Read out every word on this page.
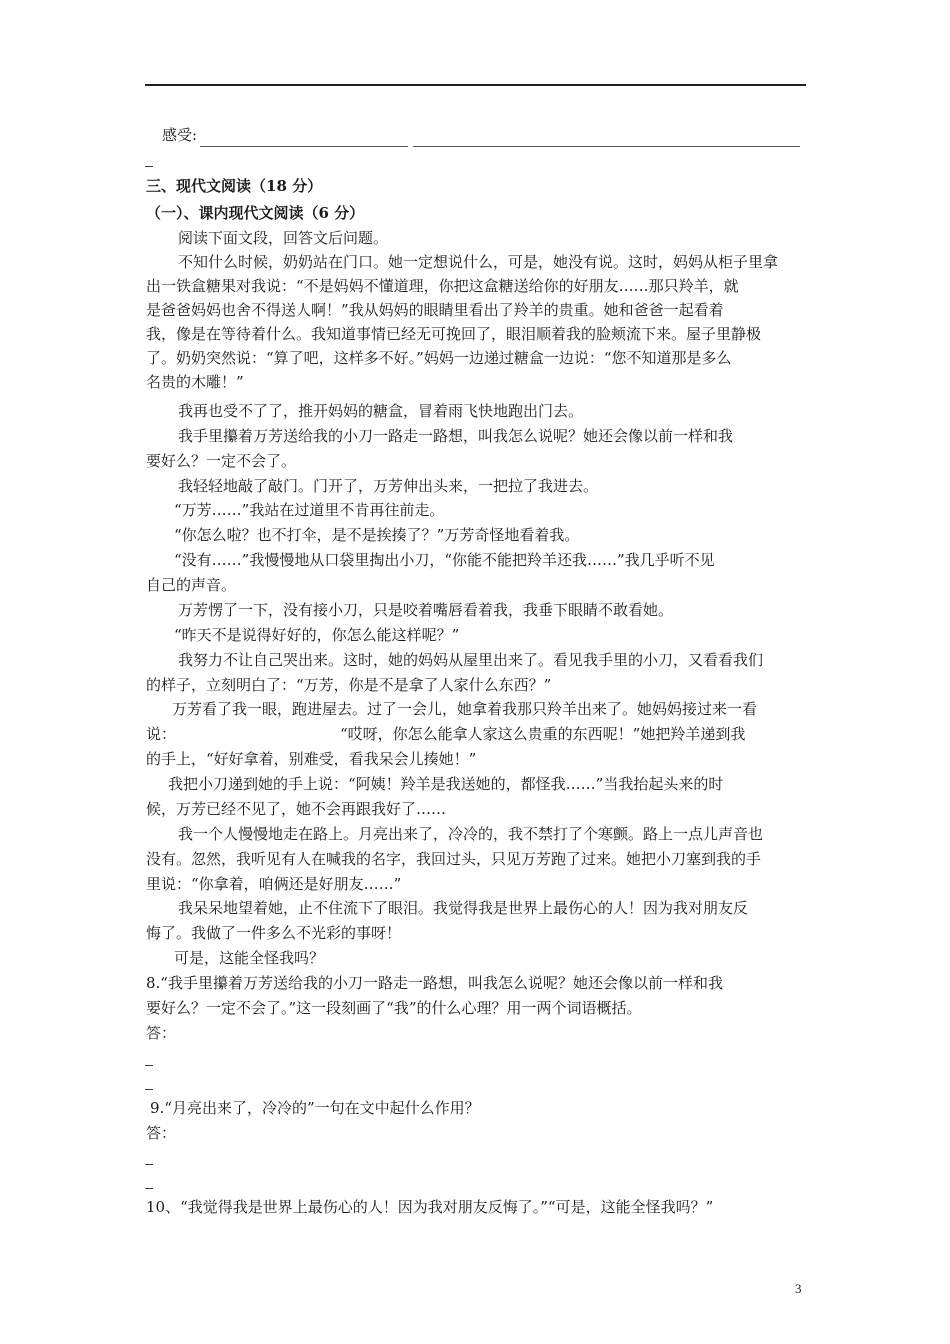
感受:
三、现代文阅读（18 分）
（一）、课内现代文阅读（6 分）
阅读下面文段，回答文后问题。
不知什么时候，奶奶站在门口。她一定想说什么，可是，她没有说。这时，妈妈从柜子里拿
出一铁盒糖果对我说：“不是妈妈不懂道理，你把这盒糖送给你的好朋友……那只羚羊，就
是爸爸妈妈也舍不得送人啊！”我从妈妈的眼睛里看出了羚羊的贵重。她和爸爸一起看着
我，像是在等待着什么。我知道事情已经无可挽回了，眼泪顺着我的脸颊流下来。屋子里静极
了。奶奶突然说：“算了吧，这样多不好。”妈妈一边递过糖盒一边说：“您不知道那是多么
名贵的木雕！”
我再也受不了了，推开妈妈的糖盒，冒着雨飞快地跑出门去。
我手里攥着万芳送给我的小刀一路走一路想，叫我怎么说呢？她还会像以前一样和我
要好么？一定不会了。
我轻轻地敲了敲门。门开了，万芳伸出头来，一把拉了我进去。
“万芳……”我站在过道里不肯再往前走。
“你怎么啦？也不打伞，是不是挨揍了？”万芳奇怪地看着我。
“没有……”我慢慢地从口袋里掏出小刀，“你能不能把羚羊还我……”我几乎听不见
自己的声音。
万芳愣了一下，没有接小刀，只是咬着嘴唇看着我，我垂下眼睛不敢看她。
“昨天不是说得好好的，你怎么能这样呢？”
我努力不让自己哭出来。这时，她的妈妈从屋里出来了。看见我手里的小刀，又看看我们
的样子，立刻明白了：“万芳，你是不是拿了人家什么东西？”
万芳看了我一眼，跑进屋去。过了一会儿，她拿着我那只羚羊出来了。她妈妈接过来一看
说：	“哎呀，你怎么能拿人家这么贵重的东西呢！”她把羚羊递到我
的手上，“好好拿着，别难受，看我呆会儿揍她！”
我把小刀递到她的手上说：“阿姨！羚羊是我送她的，都怪我……”当我抬起头来的时
候，万芳已经不见了，她不会再跟我好了……
我一个人慢慢地走在路上。月亮出来了，冷冷的，我不禁打了个寒颤。路上一点儿声音也
没有。忽然，我听见有人在喊我的名字，我回过头，只见万芳跑了过来。她把小刀塞到我的手
里说：“你拿着，咱俩还是好朋友……”
我呆呆地望着她，止不住流下了眼泪。我觉得我是世界上最伤心的人！因为我对朋友反
悔了。我做了一件多么不光彩的事呀！
可是，这能全怪我吗？
8.“我手里攥着万芳送给我的小刀一路走一路想，叫我怎么说呢？她还会像以前一样和我
要好么？一定不会了。”这一段刻画了“我”的什么心理？用一两个词语概括。
答：
9.“月亮出来了，冷冷的”一句在文中起什么作用？
答：
10、“我觉得我是世界上最伤心的人！因为我对朋友反悔了。”“可是，这能全怪我吗？”
3
